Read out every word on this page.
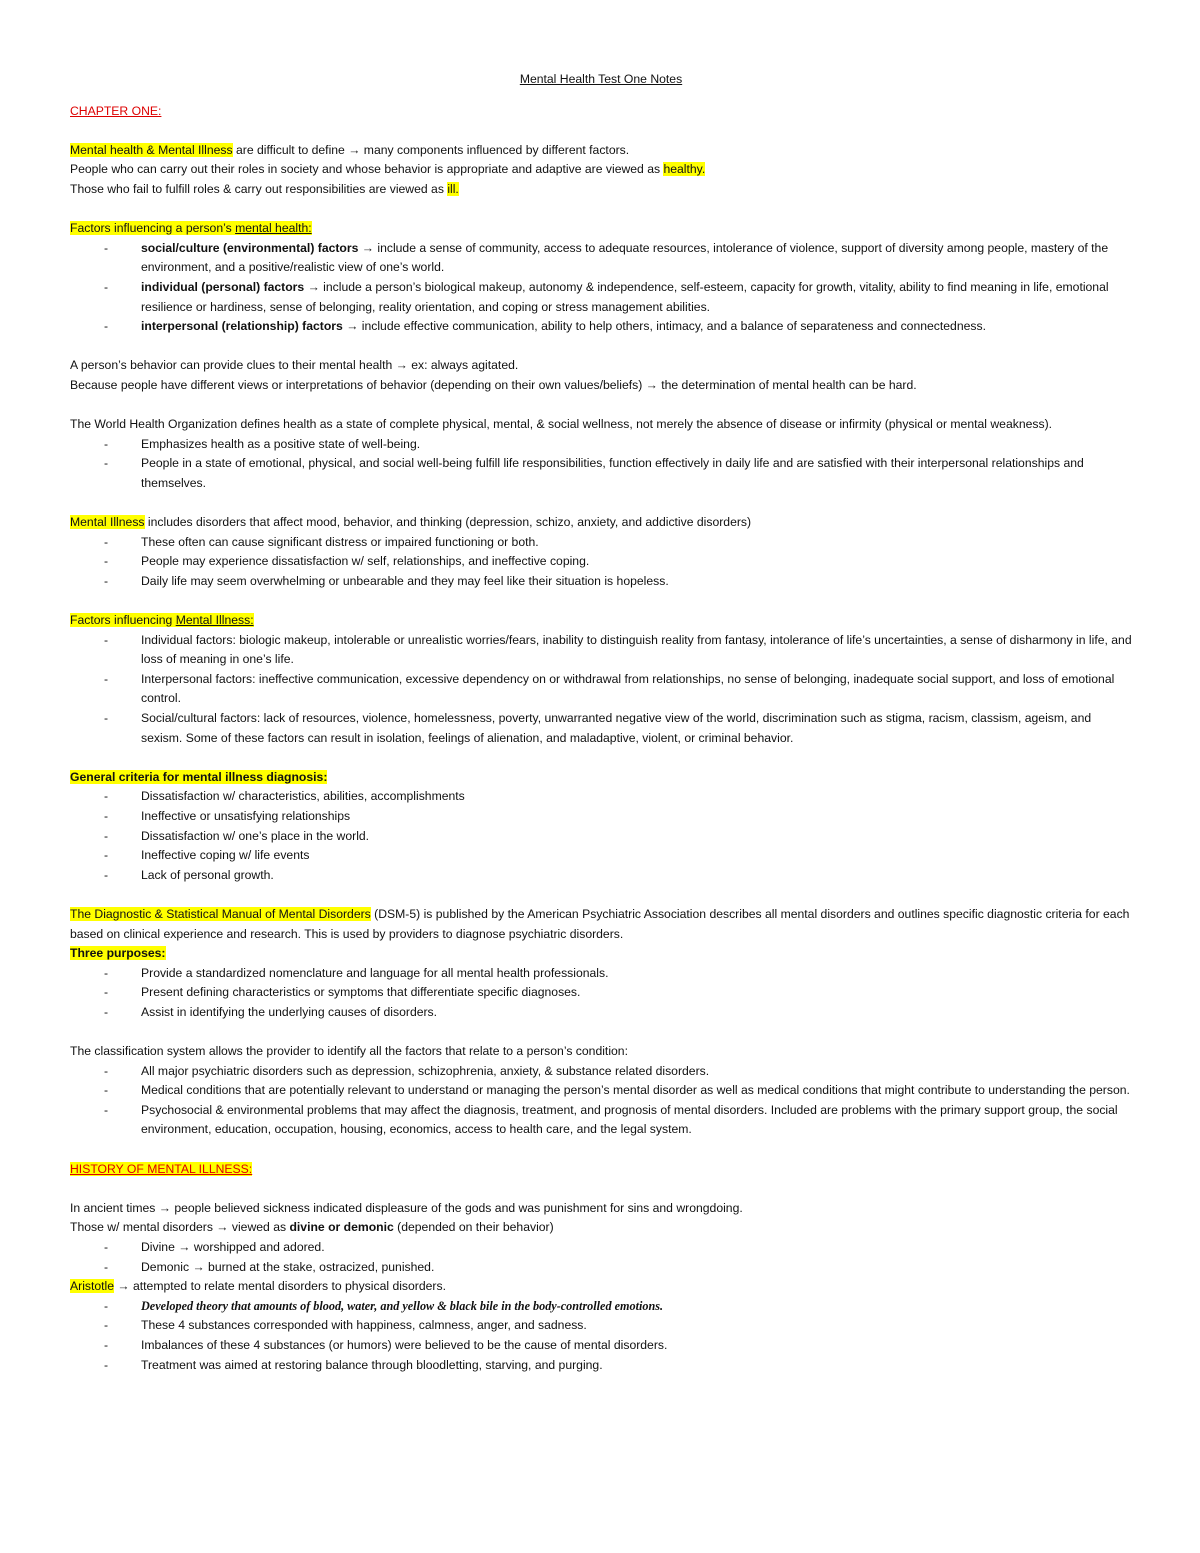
Mental Health Test One Notes

CHAPTER ONE:

Mental health & Mental Illness are difficult to define → many components influenced by different factors.

People who can carry out their roles in society and whose behavior is appropriate and adaptive are viewed as healthy.

Those who fail to fulfill roles & carry out responsibilities are viewed as ill.

Factors influencing a person’s mental health:

-	social/culture (environmental) factors → include a sense of community, access to adequate resources, intolerance of violence, support of diversity among people, mastery of the environment, and a positive/realistic view of one’s world.
-	individual (personal) factors → include a person’s biological makeup, autonomy & independence, self-esteem, capacity for growth, vitality, ability to find meaning in life, emotional resilience or hardiness, sense of belonging, reality orientation, and coping or stress management abilities.
-	interpersonal (relationship) factors → include effective communication, ability to help others, intimacy, and a balance of separateness and connectedness.

A person’s behavior can provide clues to their mental health → ex: always agitated.

Because people have different views or interpretations of behavior (depending on their own values/beliefs) → the determination of mental health can be hard.

The World Health Organization defines health as a state of complete physical, mental, & social wellness, not merely the absence of disease or infirmity (physical or mental weakness).

-	Emphasizes health as a positive state of well-being.
-	People in a state of emotional, physical, and social well-being fulfill life responsibilities, function effectively in daily life and are satisfied with their interpersonal relationships and themselves.

Mental Illness includes disorders that affect mood, behavior, and thinking (depression, schizo, anxiety, and addictive disorders)

-	These often can cause significant distress or impaired functioning or both.
-	People may experience dissatisfaction w/ self, relationships, and ineffective coping.
-	Daily life may seem overwhelming or unbearable and they may feel like their situation is hopeless.

Factors influencing Mental Illness:

-	Individual factors: biologic makeup, intolerable or unrealistic worries/fears, inability to distinguish reality from fantasy, intolerance of life’s uncertainties, a sense of disharmony in life, and loss of meaning in one’s life.
-	Interpersonal factors: ineffective communication, excessive dependency on or withdrawal from relationships, no sense of belonging, inadequate social support, and loss of emotional control.
-	Social/cultural factors: lack of resources, violence, homelessness, poverty, unwarranted negative view of the world, discrimination such as stigma, racism, classism, ageism, and sexism. Some of these factors can result in isolation, feelings of alienation, and maladaptive, violent, or criminal behavior.

General criteria for mental illness diagnosis:

-	Dissatisfaction w/ characteristics, abilities, accomplishments
-	Ineffective or unsatisfying relationships
-	Dissatisfaction w/ one’s place in the world.
-	Ineffective coping w/ life events
-	Lack of personal growth.

The Diagnostic & Statistical Manual of Mental Disorders (DSM-5) is published by the American Psychiatric Association describes all mental disorders and outlines specific diagnostic criteria for each based on clinical experience and research. This is used by providers to diagnose psychiatric disorders.

Three purposes:

-	Provide a standardized nomenclature and language for all mental health professionals.
-	Present defining characteristics or symptoms that differentiate specific diagnoses.
-	Assist in identifying the underlying causes of disorders.

The classification system allows the provider to identify all the factors that relate to a person’s condition:

-	All major psychiatric disorders such as depression, schizophrenia, anxiety, & substance related disorders.
-	Medical conditions that are potentially relevant to understand or managing the person’s mental disorder as well as medical conditions that might contribute to understanding the person.
-	Psychosocial & environmental problems that may affect the diagnosis, treatment, and prognosis of mental disorders. Included are problems with the primary support group, the social environment, education, occupation, housing, economics, access to health care, and the legal system.

HISTORY OF MENTAL ILLNESS:

In ancient times → people believed sickness indicated displeasure of the gods and was punishment for sins and wrongdoing.

Those w/ mental disorders → viewed as divine or demonic (depended on their behavior)

-	Divine → worshipped and adored.
-	Demonic → burned at the stake, ostracized, punished.

Aristotle → attempted to relate mental disorders to physical disorders.

-	Developed theory that amounts of blood, water, and yellow & black bile in the body-controlled emotions.
-	These 4 substances corresponded with happiness, calmness, anger, and sadness.
-	Imbalances of these 4 substances (or humors) were believed to be the cause of mental disorders.
-	Treatment was aimed at restoring balance through bloodletting, starving, and purging.
